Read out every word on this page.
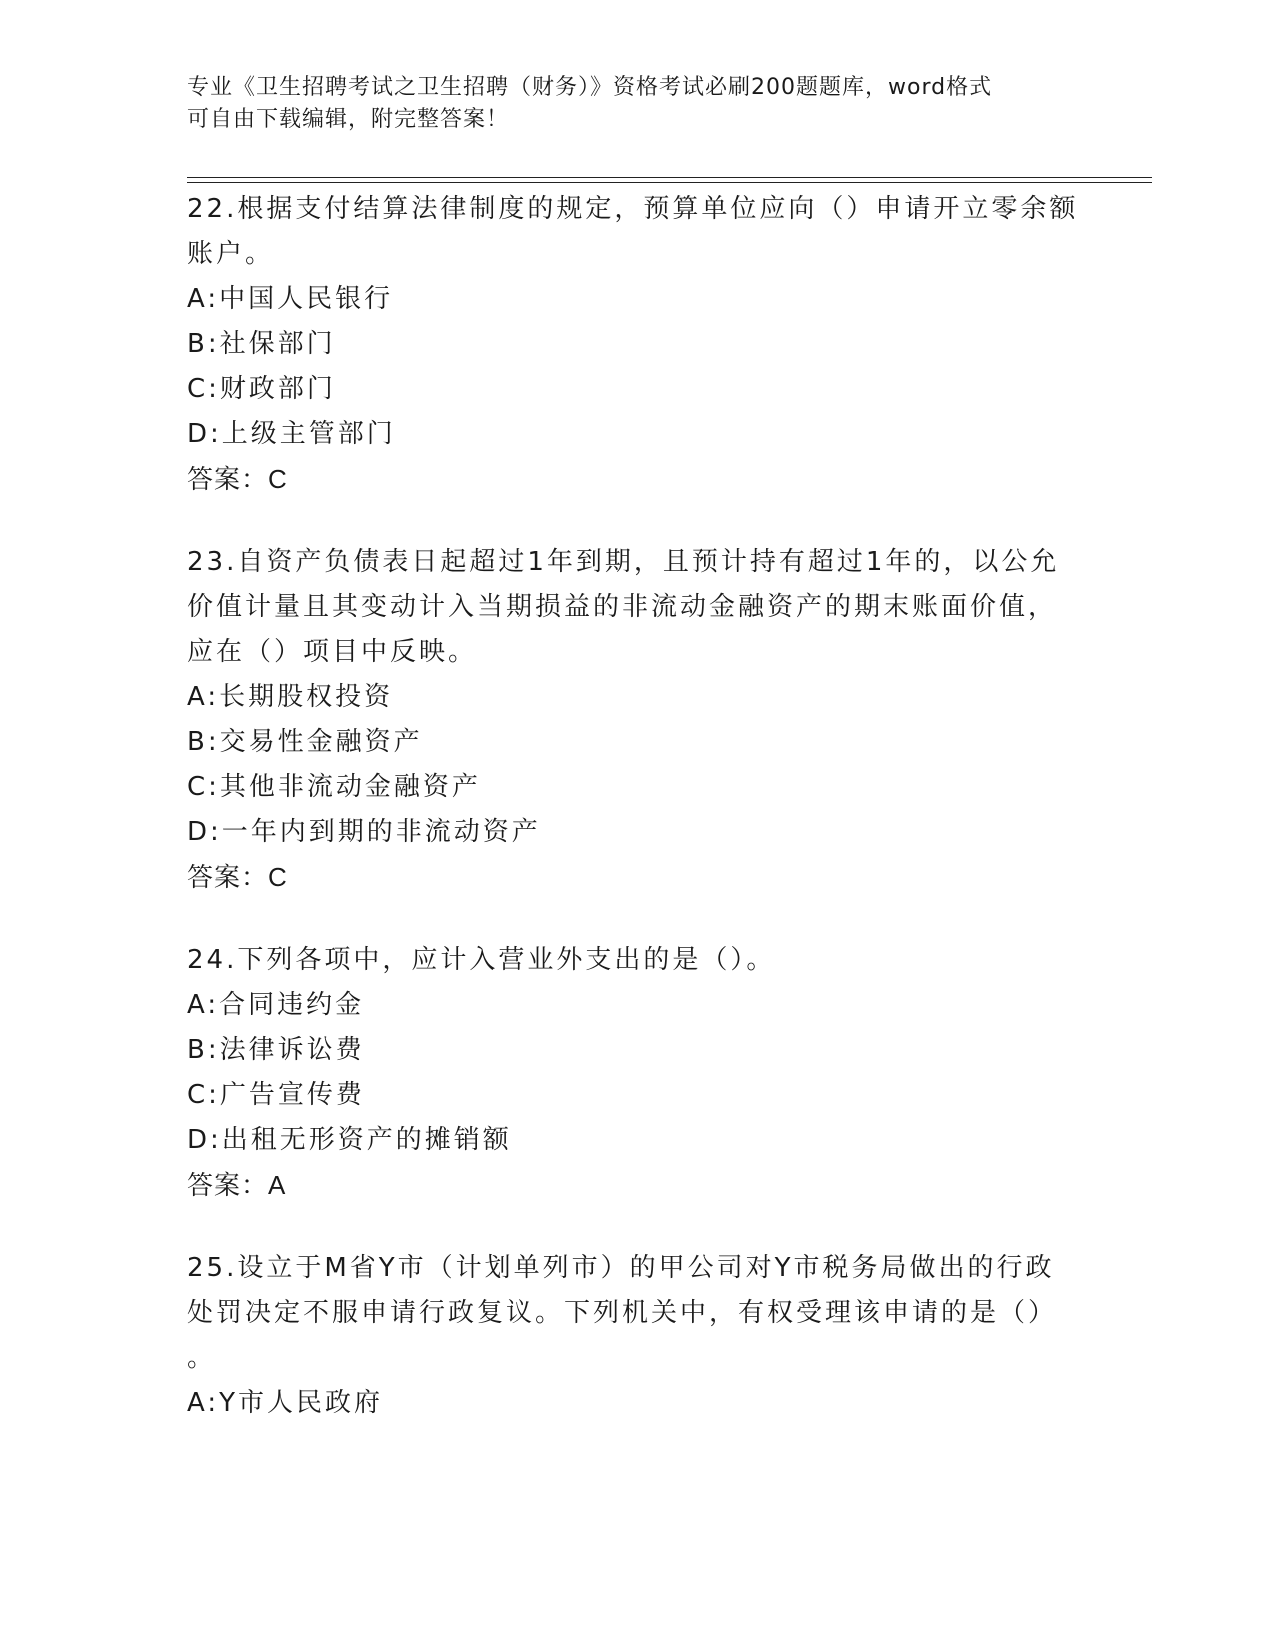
专业《卫生招聘考试之卫生招聘（财务）》资格考试必刷200题题库，word格式
可自由下载编辑，附完整答案！
22.根据支付结算法律制度的规定，预算单位应向（）申请开立零余额
账户。
A:中国人民银行
B:社保部门
C:财政部门
D:上级主管部门
答案：C
23.自资产负债表日起超过1年到期，且预计持有超过1年的，以公允
价值计量且其变动计入当期损益的非流动金融资产的期末账面价值，
应在（）项目中反映。
A:长期股权投资
B:交易性金融资产
C:其他非流动金融资产
D:一年内到期的非流动资产
答案：C
24.下列各项中，应计入营业外支出的是（）。
A:合同违约金
B:法律诉讼费
C:广告宣传费
D:出租无形资产的摊销额
答案：A
25.设立于M省Y市（计划单列市）的甲公司对Y市税务局做出的行政
处罚决定不服申请行政复议。下列机关中，有权受理该申请的是（）
。
A:Y市人民政府
